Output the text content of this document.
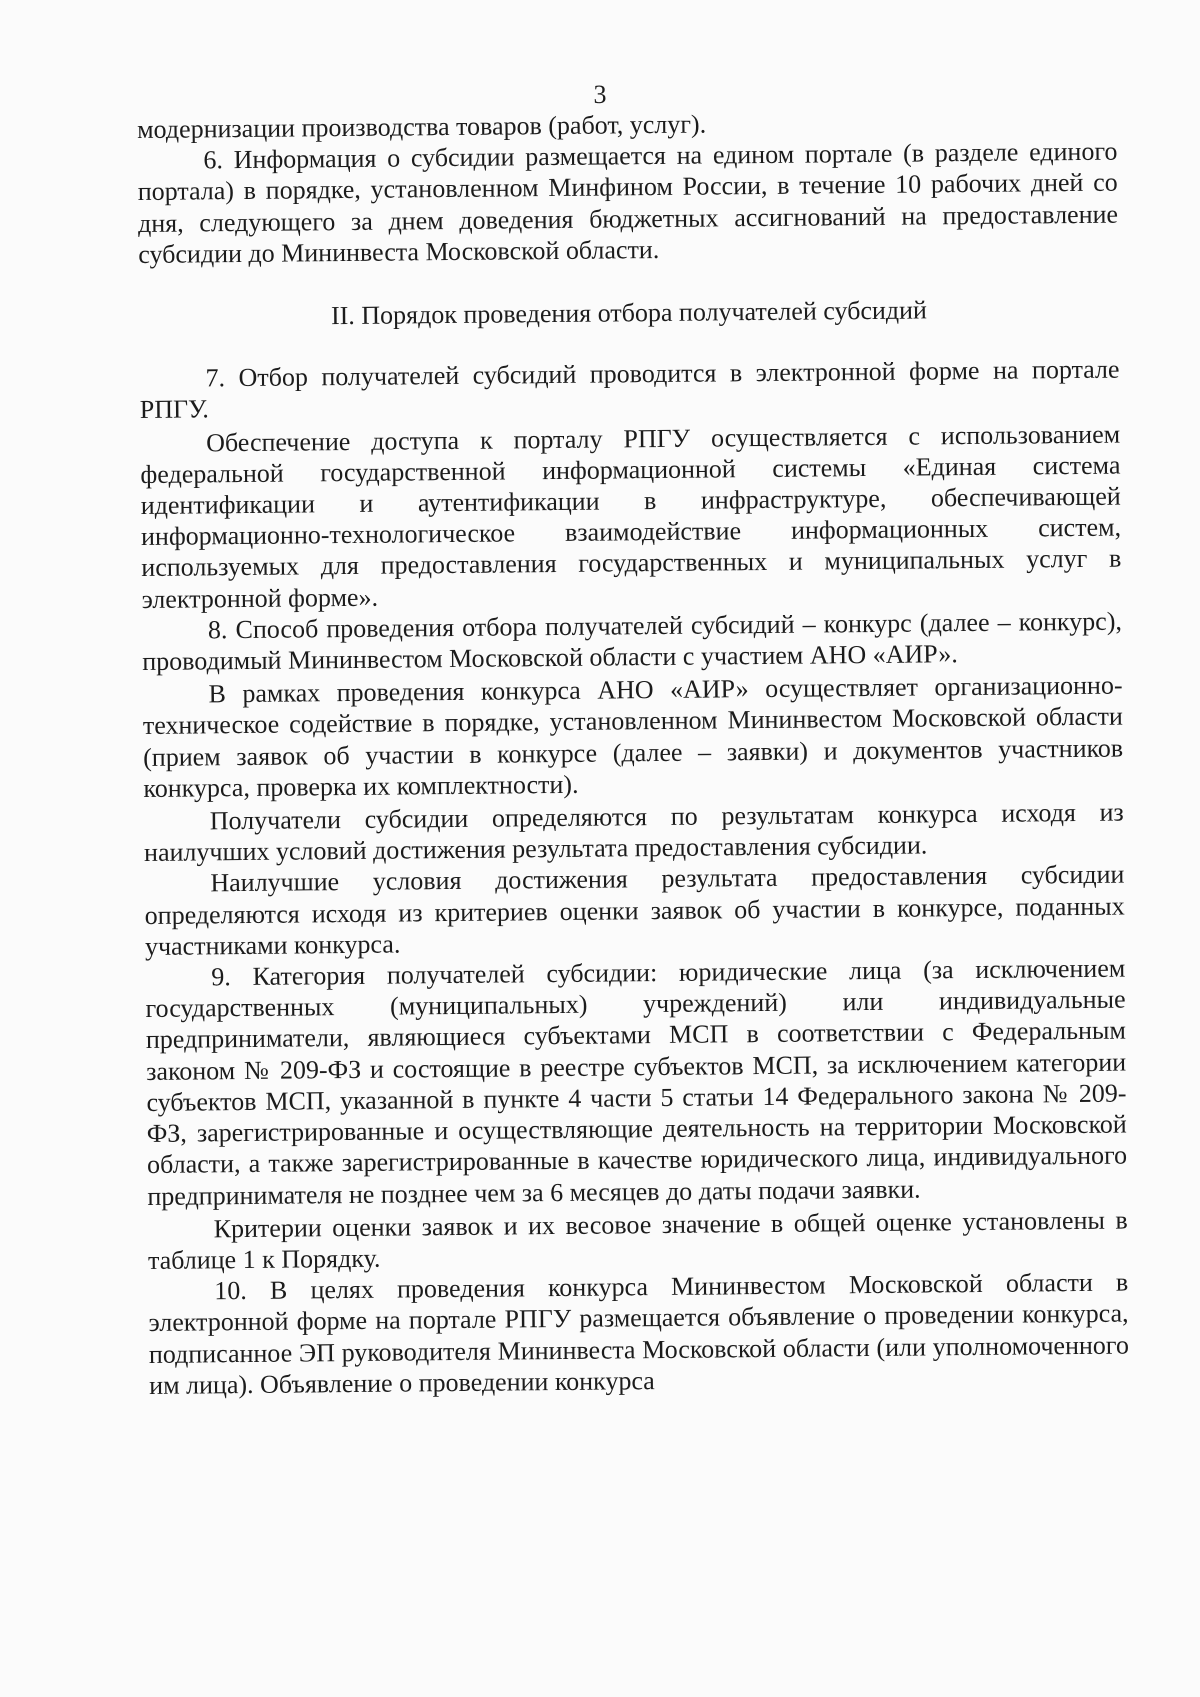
3

модернизации производства товаров (работ, услуг).

6. Информация о субсидии размещается на едином портале (в разделе единого портала) в порядке, установленном Минфином России, в течение 10 рабочих дней со дня, следующего за днем доведения бюджетных ассигнований на предоставление субсидии до Мининвеста Московской области.

II. Порядок проведения отбора получателей субсидий

7. Отбор получателей субсидий проводится в электронной форме на портале РПГУ.

Обеспечение доступа к порталу РПГУ осуществляется с использованием федеральной государственной информационной системы «Единая система идентификации и аутентификации в инфраструктуре, обеспечивающей информационно-технологическое взаимодействие информационных систем, используемых для предоставления государственных и муниципальных услуг в электронной форме».

8. Способ проведения отбора получателей субсидий – конкурс (далее – конкурс), проводимый Мининвестом Московской области с участием АНО «АИР».

В рамках проведения конкурса АНО «АИР» осуществляет организационно-техническое содействие в порядке, установленном Мининвестом Московской области (прием заявок об участии в конкурсе (далее – заявки) и документов участников конкурса, проверка их комплектности).

Получатели субсидии определяются по результатам конкурса исходя из наилучших условий достижения результата предоставления субсидии.

Наилучшие условия достижения результата предоставления субсидии определяются исходя из критериев оценки заявок об участии в конкурсе, поданных участниками конкурса.

9. Категория получателей субсидии: юридические лица (за исключением государственных (муниципальных) учреждений) или индивидуальные предприниматели, являющиеся субъектами МСП в соответствии с Федеральным законом № 209-ФЗ и состоящие в реестре субъектов МСП, за исключением категории субъектов МСП, указанной в пункте 4 части 5 статьи 14 Федерального закона № 209-ФЗ, зарегистрированные и осуществляющие деятельность на территории Московской области, а также зарегистрированные в качестве юридического лица, индивидуального предпринимателя не позднее чем за 6 месяцев до даты подачи заявки.

Критерии оценки заявок и их весовое значение в общей оценке установлены в таблице 1 к Порядку.

10. В целях проведения конкурса Мининвестом Московской области в электронной форме на портале РПГУ размещается объявление о проведении конкурса, подписанное ЭП руководителя Мининвеста Московской области (или уполномоченного им лица). Объявление о проведении конкурса
